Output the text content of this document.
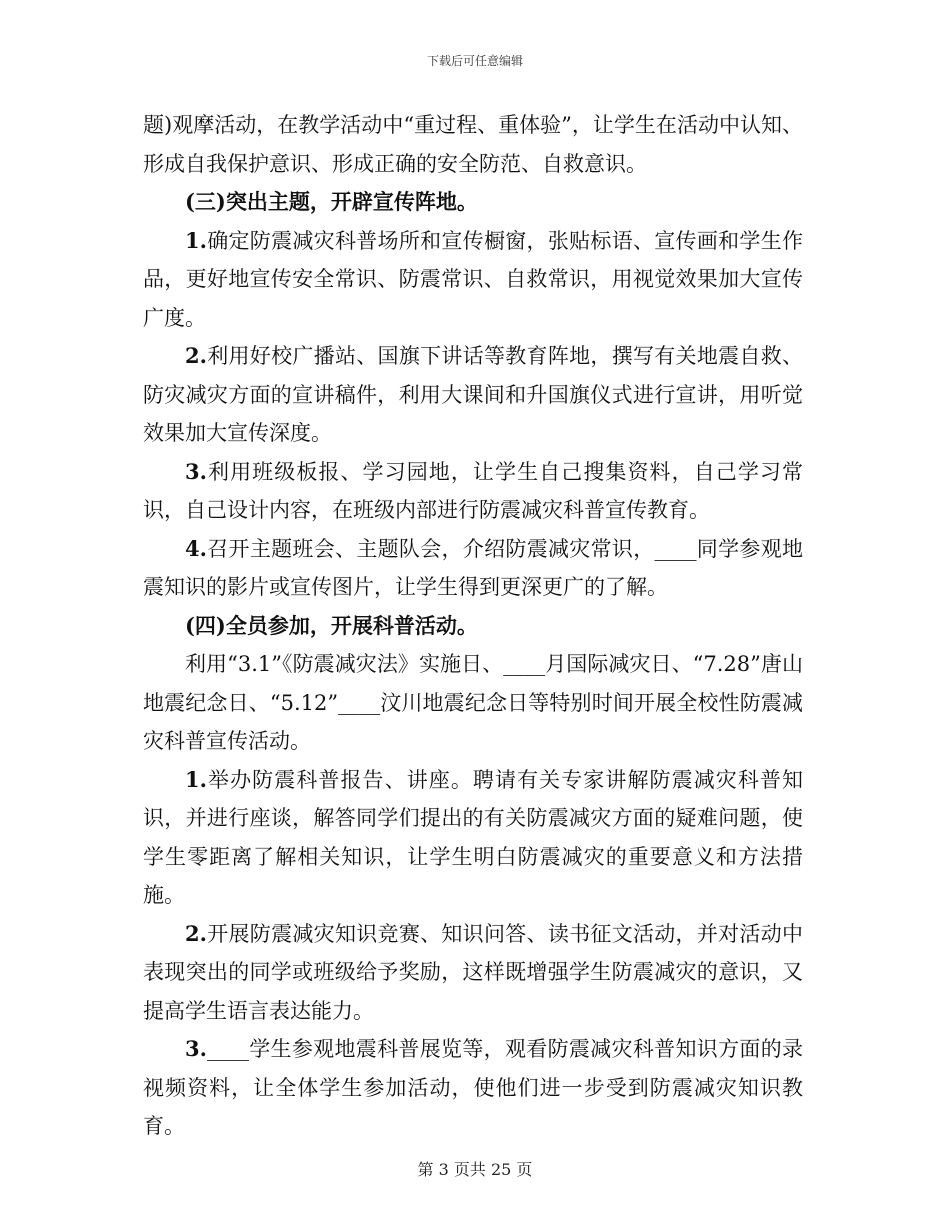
下载后可任意编辑

题)观摩活动，在教学活动中“重过程、重体验”，让学生在活动中认知、形成自我保护意识、形成正确的安全防范、自救意识。

(三)突出主题，开辟宣传阵地。

1.确定防震减灾科普场所和宣传橱窗，张贴标语、宣传画和学生作品，更好地宣传安全常识、防震常识、自救常识，用视觉效果加大宣传广度。

2.利用好校广播站、国旗下讲话等教育阵地，撰写有关地震自救、防灾减灾方面的宣讲稿件，利用大课间和升国旗仪式进行宣讲，用听觉效果加大宣传深度。

3.利用班级板报、学习园地，让学生自己搜集资料，自己学习常识，自己设计内容，在班级内部进行防震减灾科普宣传教育。

4.召开主题班会、主题队会，介绍防震减灾常识，____同学参观地震知识的影片或宣传图片，让学生得到更深更广的了解。

(四)全员参加，开展科普活动。

利用“3.1”《防震减灾法》实施日、____月国际减灾日、“7.28”唐山地震纪念日、“5.12”____汶川地震纪念日等特别时间开展全校性防震减灾科普宣传活动。

1.举办防震科普报告、讲座。聘请有关专家讲解防震减灾科普知识，并进行座谈，解答同学们提出的有关防震减灾方面的疑难问题，使学生零距离了解相关知识，让学生明白防震减灾的重要意义和方法措施。

2.开展防震减灾知识竞赛、知识问答、读书征文活动，并对活动中表现突出的同学或班级给予奖励，这样既增强学生防震减灾的意识，又提高学生语言表达能力。

3.____学生参观地震科普展览等，观看防震减灾科普知识方面的录视频资料，让全体学生参加活动，使他们进一步受到防震减灾知识教育。

第 3 页共 25 页
